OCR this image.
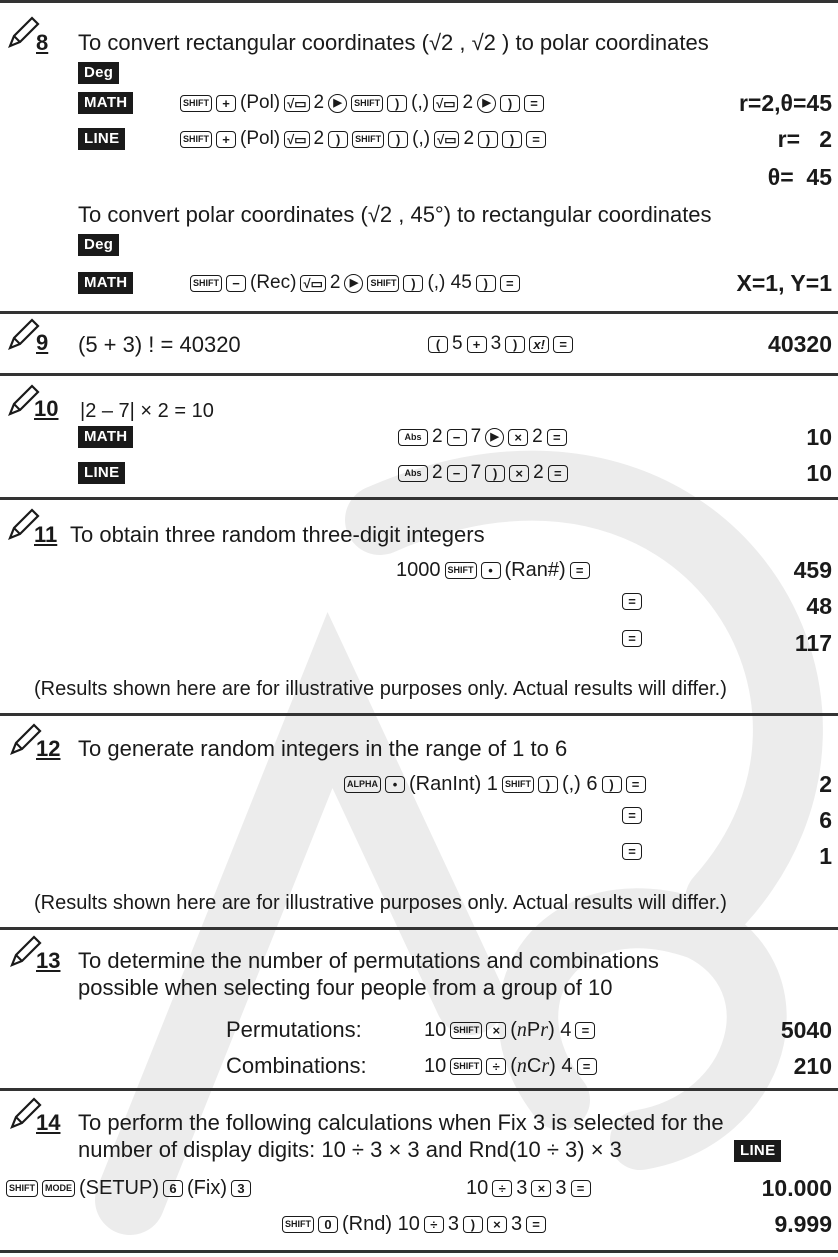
8 To convert rectangular coordinates (√2 , √2 ) to polar coordinates
Deg
MATH	SHIFT	+ (Pol) √▭ 2 ▶	SHIFT	) (,) √▭ 2 ▶	)	=	r=2,θ=45
LINE	SHIFT	+ (Pol) √▭ 2 )	SHIFT	) (,) √▭ 2 )	)	=	r=   2
θ=  45
To convert polar coordinates (√2 , 45°) to rectangular coordinates
Deg
MATH	SHIFT	− (Rec) √▭ 2 ▶	SHIFT	) (,) 45 )	=	X=1, Y=1
9 (5 + 3) ! = 40320	( 5 + 3 )	x!	=	40320
10 |2 – 7| × 2 = 10
MATH	Abs 2 − 7 ▶	× 2 =	10
LINE	Abs 2 − 7 )	× 2 =	10
11 To obtain three random three-digit integers
1000 SHIFT	• (Ran#) =	459
=	48
=	117
(Results shown here are for illustrative purposes only. Actual results will differ.)
12 To generate random integers in the range of 1 to 6
ALPHA	• (RanInt) 1 SHIFT	) (,) 6 )	=	2
=	6
=	1
(Results shown here are for illustrative purposes only. Actual results will differ.)
13 To determine the number of permutations and combinations
possible when selecting four people from a group of 10
Permutations:	10 SHIFT	× (nPr) 4 =	5040
Combinations:	10 SHIFT	÷ (nCr) 4 =	210
14 To perform the following calculations when Fix 3 is selected for the
number of display digits: 10 ÷ 3 × 3 and Rnd(10 ÷ 3) × 3	LINE
SHIFT	MODE (SETUP) 6 (Fix) 3	10 ÷ 3 × 3 =	10.000
SHIFT	0 (Rnd) 10 ÷ 3 )	× 3 =	9.999
